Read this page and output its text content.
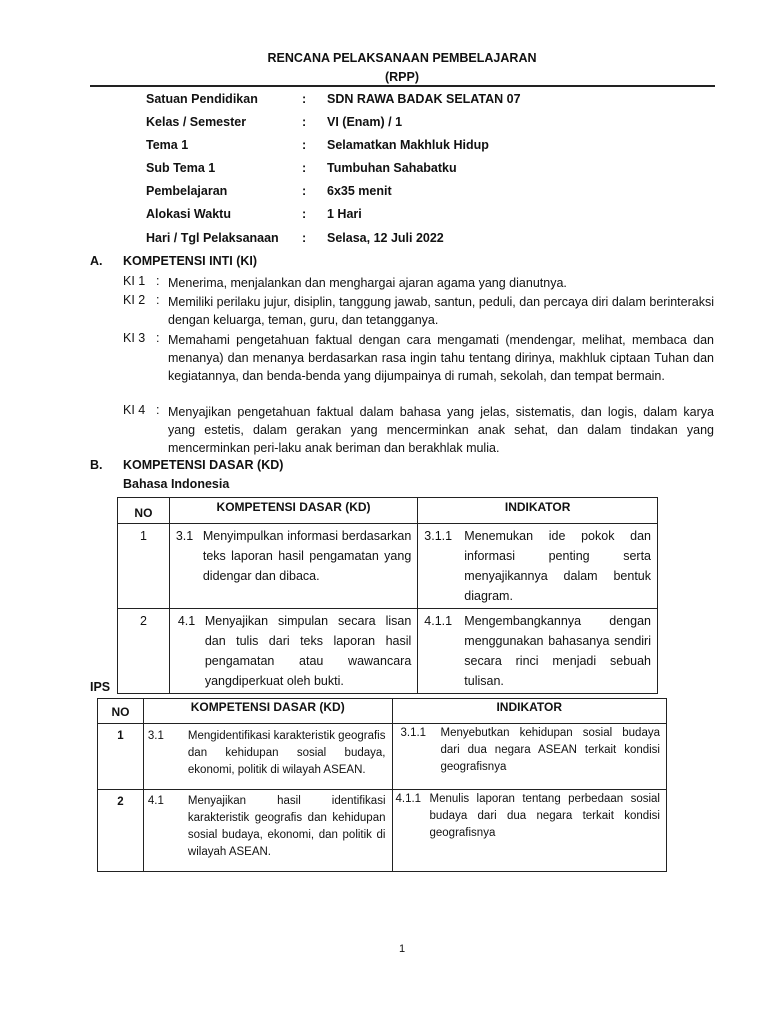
RENCANA PELAKSANAAN PEMBELAJARAN
(RPP)
Satuan Pendidikan	: SDN RAWA BADAK SELATAN 07
Kelas / Semester	: VI (Enam) / 1
Tema 1	: Selamatkan Makhluk Hidup
Sub Tema 1	: Tumbuhan Sahabatku
Pembelajaran	: 6x35 menit
Alokasi Waktu	: 1 Hari
Hari / Tgl Pelaksanaan : Selasa, 12 Juli 2022
A. KOMPETENSI INTI (KI)
KI 1 : Menerima, menjalankan dan menghargai ajaran agama yang dianutnya.
KI 2 : Memiliki perilaku jujur, disiplin, tanggung jawab, santun, peduli, dan percaya diri dalam berinteraksi dengan keluarga, teman, guru, dan tetangganya.
KI 3 : Memahami pengetahuan faktual dengan cara mengamati (mendengar, melihat, membaca dan menanya) dan menanya berdasarkan rasa ingin tahu tentang dirinya, makhluk ciptaan Tuhan dan kegiatannya, dan benda-benda yang dijumpainya di rumah, sekolah, dan tempat bermain.
KI 4 : Menyajikan pengetahuan faktual dalam bahasa yang jelas, sistematis, dan logis, dalam karya yang estetis, dalam gerakan yang mencerminkan anak sehat, dan dalam tindakan yang mencerminkan peri-laku anak beriman dan berakhlak mulia.
B. KOMPETENSI DASAR (KD)
Bahasa Indonesia
NO	KOMPETENSI DASAR (KD)	INDIKATOR
1	3.1 Menyimpulkan informasi berdasarkan teks laporan hasil pengamatan yang didengar dan dibaca.	3.1.1 Menemukan ide pokok dan informasi penting serta menyajikannya dalam bentuk diagram.

2	4.1 Menyajikan simpulan secara lisan dan tulis dari teks laporan hasil pengamatan atau wawancara yangdiperkuat oleh bukti.	4.1.1 Mengembangkannya dengan menggunakan bahasanya sendiri secara rinci menjadi sebuah tulisan.
IPS
NO	KOMPETENSI DASAR (KD)	INDIKATOR
1	3.1 Mengidentifikasi karakteristik geografis dan kehidupan sosial budaya, ekonomi, politik di wilayah ASEAN.	3.1.1 Menyebutkan kehidupan sosial budaya dari dua negara ASEAN terkait kondisi geografisnya

2	4.1 Menyajikan hasil identifikasi karakteristik geografis dan kehidupan sosial budaya, ekonomi, dan politik di wilayah ASEAN.	4.1.1 Menulis laporan tentang perbedaan sosial budaya dari dua negara terkait kondisi geografisnya
1
